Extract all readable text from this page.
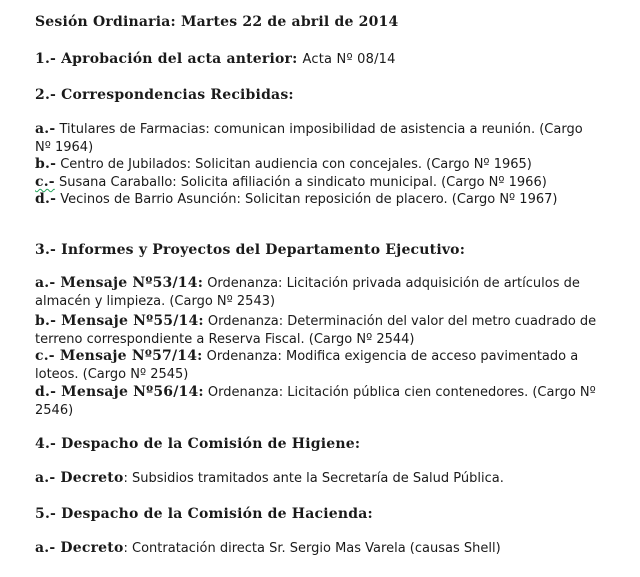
Sesión Ordinaria: Martes 22 de abril de 2014
1.- Aprobación del acta anterior: Acta Nº 08/14
2.- Correspondencias Recibidas:
a.- Titulares de Farmacias: comunican imposibilidad de asistencia a reunión. (Cargo Nº 1964)
b.- Centro de Jubilados: Solicitan audiencia con concejales. (Cargo Nº 1965)
c.- Susana Caraballo: Solicita afiliación a sindicato municipal. (Cargo Nº 1966)
d.- Vecinos de Barrio Asunción: Solicitan reposición de placero. (Cargo Nº 1967)
3.- Informes y Proyectos del Departamento Ejecutivo:
a.- Mensaje Nº53/14: Ordenanza: Licitación privada adquisición de artículos de almacén y limpieza. (Cargo Nº 2543)
b.- Mensaje Nº55/14: Ordenanza: Determinación del valor del metro cuadrado de terreno correspondiente a Reserva Fiscal. (Cargo Nº 2544)
c.- Mensaje Nº57/14: Ordenanza: Modifica exigencia de acceso pavimentado a loteos. (Cargo Nº 2545)
d.- Mensaje Nº56/14: Ordenanza: Licitación pública cien contenedores. (Cargo Nº 2546)
4.- Despacho de la Comisión de Higiene:
a.- Decreto: Subsidios tramitados ante la Secretaría de Salud Pública.
5.- Despacho de la Comisión de Hacienda:
a.- Decreto: Contratación directa Sr. Sergio Mas Varela (causas Shell)
